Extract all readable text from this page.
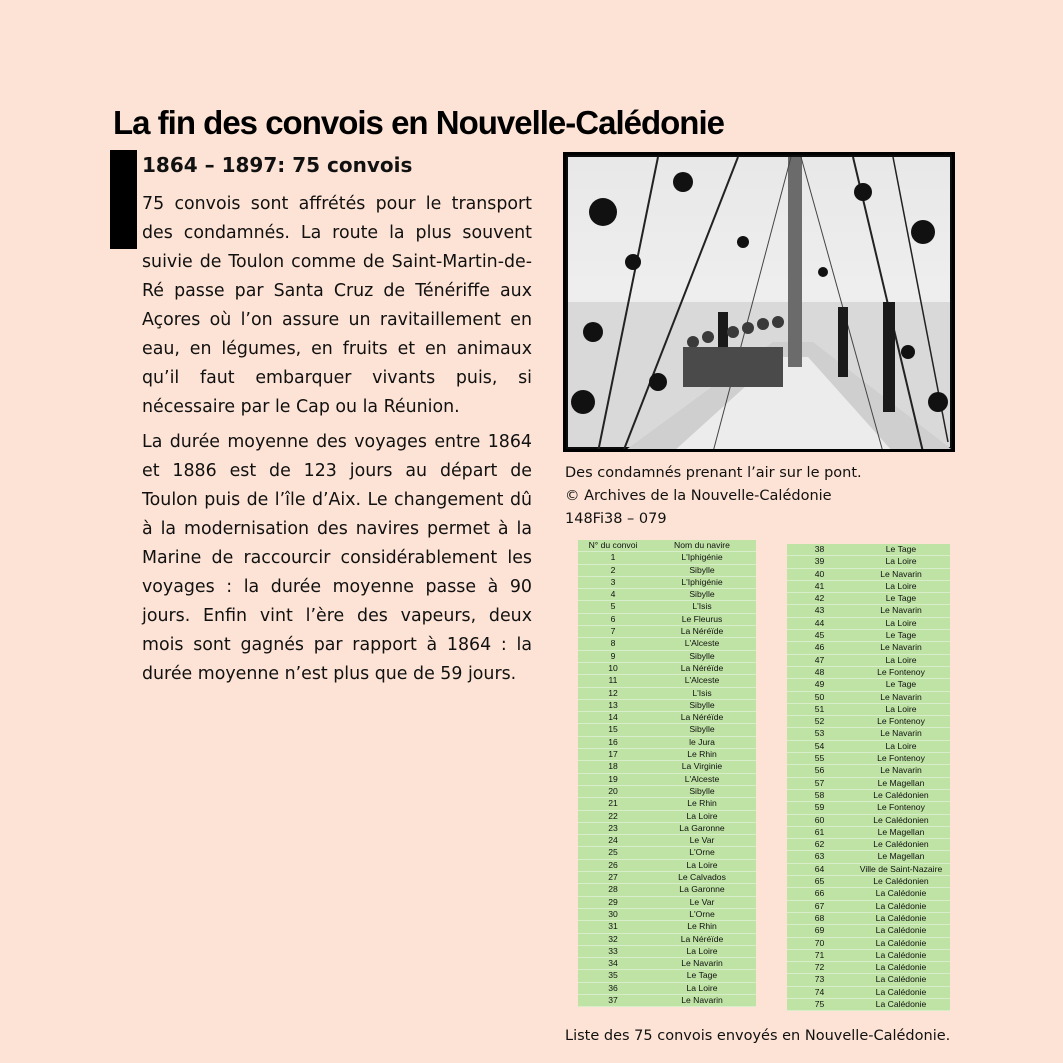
La fin des convois en Nouvelle-Calédonie
1864 – 1897: 75 convois

75 convois sont affrétés pour le transport des condamnés. La route la plus souvent suivie de Toulon comme de Saint-Martin-de-Ré passe par Santa Cruz de Ténériffe aux Açores où l’on assure un ravitaillement en eau, en légumes, en fruits et en animaux qu’il faut embarquer vivants puis, si nécessaire par le Cap ou la Réunion.

La durée moyenne des voyages entre 1864 et 1886 est de 123 jours au départ de Toulon puis de l’île d’Aix. Le changement dû à la modernisation des navires permet à la Marine de raccourcir considérablement les voyages : la durée moyenne passe à 90 jours. Enfin vint l’ère des vapeurs, deux mois sont gagnés par rapport à 1864 : la durée moyenne n’est plus que de 59 jours.

Des condamnés prenant l’air sur le pont.
© Archives de la Nouvelle-Calédonie
148Fi38 – 079
N° du convoi	Nom du navire
1	L'Iphigénie
2	Sibylle
3	L'Iphigénie
4	Sibylle
5	L'Isis
6	Le Fleurus
7	La Néréïde
8	L'Alceste
9	Sibylle
10	La Néréïde
11	L'Alceste
12	L'Isis
13	Sibylle
14	La Néréïde
15	Sibylle
16	le Jura
17	Le Rhin
18	La Virginie
19	L'Alceste
20	Sibylle
21	Le Rhin
22	La Loire
23	La Garonne
24	Le Var
25	L'Orne
26	La Loire
27	Le Calvados
28	La Garonne
29	Le Var
30	L'Orne
31	Le Rhin
32	La Néréïde
33	La Loire
34	Le Navarin
35	Le Tage
36	La Loire
37	Le Navarin
38	Le Tage
39	La Loire
40	Le Navarin
41	La Loire
42	Le Tage
43	Le Navarin
44	La Loire
45	Le Tage
46	Le Navarin
47	La Loire
48	Le Fontenoy
49	Le Tage
50	Le Navarin
51	La Loire
52	Le Fontenoy
53	Le Navarin
54	La Loire
55	Le Fontenoy
56	Le Navarin
57	Le Magellan
58	Le Calédonien
59	Le Fontenoy
60	Le Calédonien
61	Le Magellan
62	Le Calédonien
63	Le Magellan
64	Ville de Saint-Nazaire
65	Le Calédonien
66	La Calédonie
67	La Calédonie
68	La Calédonie
69	La Calédonie
70	La Calédonie
71	La Calédonie
72	La Calédonie
73	La Calédonie
74	La Calédonie
75	La Calédonie
Liste des 75 convois envoyés en Nouvelle-Calédonie.
